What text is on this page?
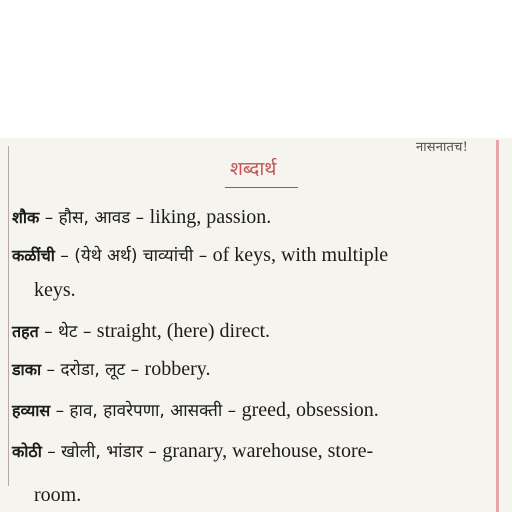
नासनातच!
शब्दार्थ
शौक – हौस, आवड – liking, passion.
कळींची – (येथे अर्थ) चाव्यांची – of keys, with multiple
keys.
तहत – थेट – straight, (here) direct.
डाका – दरोडा, लूट – robbery.
हव्यास – हाव, हावरेपणा, आसक्ती – greed, obsession.
कोठी – खोली, भांडार – granary, warehouse, store-
room.
